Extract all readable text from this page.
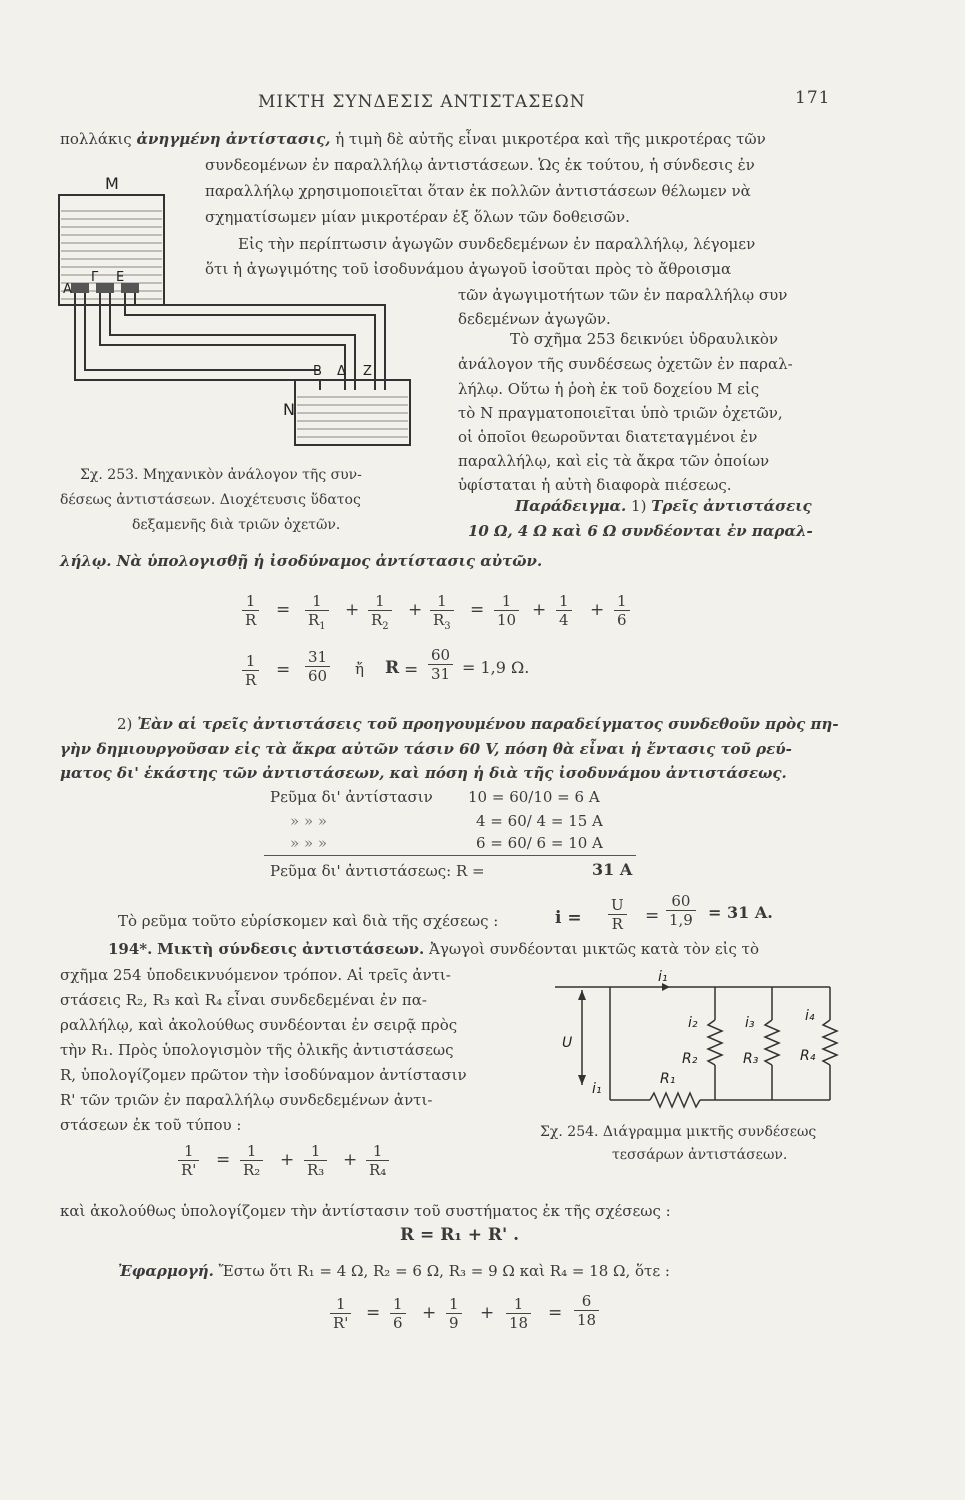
ΜΙΚΤΗ ΣΥΝΔΕΣΙΣ ΑΝΤΙΣΤΑΣΕΩΝ	171
πολλάκις ἀνηγμένη ἀντίστασις, ἡ τιμὴ δὲ αὐτῆς εἶναι μικροτέρα καὶ τῆς μικροτέρας τῶν
συνδεομένων ἐν παραλλήλῳ ἀντιστάσεων. Ὡς ἐκ τούτου, ἡ σύνδεσις ἐν
παραλλήλῳ χρησιμοποιεῖται ὅταν ἐκ πολλῶν ἀντιστάσεων θέλωμεν νὰ
σχηματίσωμεν μίαν μικροτέραν ἐξ ὅλων τῶν δοθεισῶν.
Εἰς τὴν περίπτωσιν ἀγωγῶν συνδεδεμένων ἐν παραλλήλῳ, λέγομεν
ὅτι ἡ ἀγωγιμότης τοῦ ἰσοδυνάμου ἀγωγοῦ ἰσοῦται πρὸς τὸ ἄθροισμα
τῶν ἀγωγιμοτήτων τῶν ἐν παραλλήλῳ συν
δεδεμένων ἀγωγῶν.
Τὸ σχῆμα 253 δεικνύει ὑδραυλικὸν
ἀνάλογον τῆς συνδέσεως ὀχετῶν ἐν παραλ-
λήλῳ. Οὕτω ἡ ῥοὴ ἐκ τοῦ δοχείου Μ εἰς
τὸ Ν πραγματοποιεῖται ὑπὸ τριῶν ὀχετῶν,
οἱ ὁποῖοι θεωροῦνται διατεταγμένοι ἐν
παραλλήλῳ, καὶ εἰς τὰ ἄκρα τῶν ὁποίων
ὑφίσταται ἡ αὐτὴ διαφορὰ πιέσεως.
M
A
Γ E
N
B Δ Z
Σχ. 253. Μηχανικὸν ἀνάλογον τῆς συν-
δέσεως ἀντιστάσεων. Διοχέτευσις ὕδατος
δεξαμενῆς διὰ τριῶν ὀχετῶν.
Παράδειγμα. 1) Τρεῖς ἀντιστάσεις
10 Ω, 4 Ω καὶ 6 Ω συνδέονται ἐν παραλ-
λήλῳ. Νὰ ὑπολογισθῇ ἡ ἰσοδύναμος ἀντίστασις αὐτῶν.
$\frac{1}{R} = \frac{1}{R_1} + \frac{1}{R_2} + \frac{1}{R_3} = \frac{1}{10} + \frac{1}{4} + \frac{1}{6}$
$\frac{1}{R} = \frac{31}{60}$ ἤ $R = \frac{60}{31} = 1,9$ Ω.
2) Ἐὰν αἱ τρεῖς ἀντιστάσεις τοῦ προηγουμένου παραδείγματος συνδεθοῦν πρὸς πη-
γὴν δημιουργοῦσαν εἰς τὰ ἄκρα αὐτῶν τάσιν 60 V, πόση θὰ εἶναι ἡ ἔντασις τοῦ ρεύ-
ματος δι' ἑκάστης τῶν ἀντιστάσεων, καὶ πόση ἡ διὰ τῆς ἰσοδυνάμου ἀντιστάσεως.
Ρεῦμα δι' ἀντίστασιν 10 = 60/10 = 6 A
» » »	4 = 60/ 4 = 15 A
» » »	6 = 60/ 6 = 10 A
Ρεῦμα δι' ἀντιστάσεως: R =	31 A
Τὸ ρεῦμα τοῦτο εὑρίσκομεν καὶ διὰ τῆς σχέσεως :	$i = \frac{U}{R} = \frac{60}{1,9} = 31$ A.
194*. Μικτὴ σύνδεσις ἀντιστάσεων. Ἀγωγοὶ συνδέονται μικτῶς κατὰ τὸν εἰς τὸ
σχῆμα 254 ὑποδεικνυόμενον τρόπον. Αἱ τρεῖς ἀντι-
στάσεις R₂, R₃ καὶ R₄ εἶναι συνδεδεμέναι ἐν πα-
ραλλήλῳ, καὶ ἀκολούθως συνδέονται ἐν σειρᾷ πρὸς
τὴν R₁. Πρὸς ὑπολογισμὸν τῆς ὀλικῆς ἀντιστάσεως
R, ὑπολογίζομεν πρῶτον τὴν ἰσοδύναμον ἀντίστασιν
R' τῶν τριῶν ἐν παραλλήλῳ συνδεδεμένων ἀντι-
στάσεων ἐκ τοῦ τύπου :
$\frac{1}{R'} = \frac{1}{\text{R₂}} + \frac{1}{\text{R₃}} + \frac{1}{\text{R₄}}$
καὶ ἀκολούθως ὑπολογίζομεν τὴν ἀντίστασιν τοῦ συστήματος ἐκ τῆς σχέσεως :
R = R₁ + R' .
i₁
i₂	i₃	i₄
U
i₁
R₁
R₂	R₃	R₄
Σχ. 254. Διάγραμμα μικτῆς συνδέσεως
τεσσάρων ἀντιστάσεων.
Ἐφαρμογή. Ἔστω ὅτι R₁ = 4 Ω, R₂ = 6 Ω, R₃ = 9 Ω καὶ R₄ = 18 Ω, ὅτε :
$\frac{1}{R'} = \frac{1}{6} + \frac{1}{9} + \frac{1}{18} = \frac{6}{18}$
